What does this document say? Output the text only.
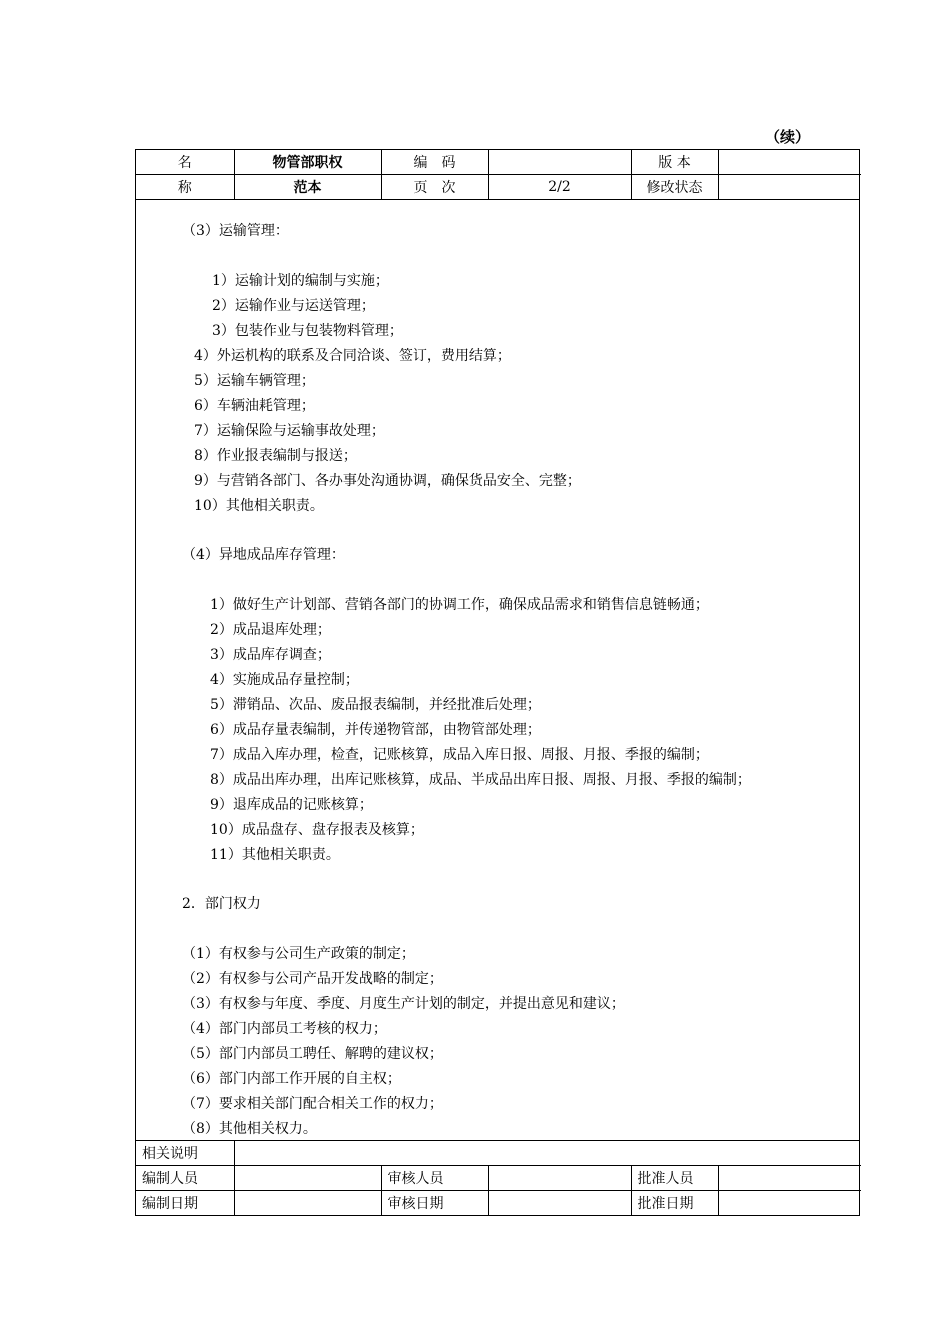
（续）
名	物管部职权	编　码		版 本	
称	范本	页　次	2/2	修改状态	
（3）运输管理：
1）运输计划的编制与实施；
2）运输作业与运送管理；
3）包装作业与包装物料管理；
4）外运机构的联系及合同洽谈、签订，费用结算；
5）运输车辆管理；
6）车辆油耗管理；
7）运输保险与运输事故处理；
8）作业报表编制与报送；
9）与营销各部门、各办事处沟通协调，确保货品安全、完整；
10）其他相关职责。
（4）异地成品库存管理：
1）做好生产计划部、营销各部门的协调工作，确保成品需求和销售信息链畅通；
2）成品退库处理；
3）成品库存调查；
4）实施成品存量控制；
5）滞销品、次品、废品报表编制，并经批准后处理；
6）成品存量表编制，并传递物管部，由物管部处理；
7）成品入库办理，检查，记账核算，成品入库日报、周报、月报、季报的编制；
8）成品出库办理，出库记账核算，成品、半成品出库日报、周报、月报、季报的编制；
9）退库成品的记账核算；
10）成品盘存、盘存报表及核算；
11）其他相关职责。
2．部门权力
（1）有权参与公司生产政策的制定；
（2）有权参与公司产品开发战略的制定；
（3）有权参与年度、季度、月度生产计划的制定，并提出意见和建议；
（4）部门内部员工考核的权力；
（5）部门内部员工聘任、解聘的建议权；
（6）部门内部工作开展的自主权；
（7）要求相关部门配合相关工作的权力；
（8）其他相关权力。
相关说明					
编制人员		审核人员		批准人员	
编制日期		审核日期		批准日期	
